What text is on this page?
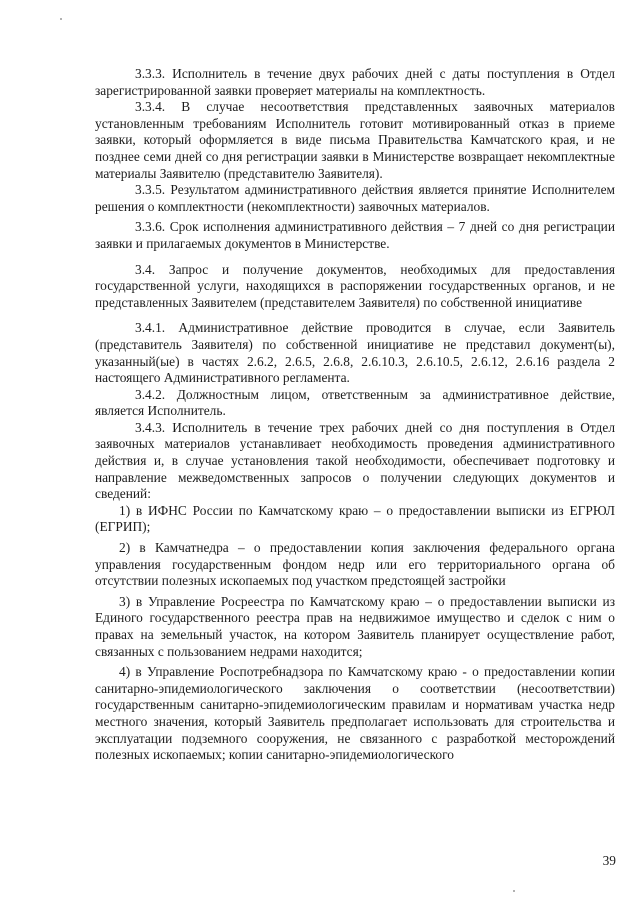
3.3.3. Исполнитель в течение двух рабочих дней с даты поступления в Отдел зарегистрированной заявки проверяет материалы на комплектность.

3.3.4. В случае несоответствия представленных заявочных материалов установленным требованиям Исполнитель готовит мотивированный отказ в приеме заявки, который оформляется в виде письма Правительства Камчатского края, и не позднее семи дней со дня регистрации заявки в Министерстве возвращает некомплектные материалы Заявителю (представителю Заявителя).

3.3.5. Результатом административного действия является принятие Исполнителем решения о комплектности (некомплектности) заявочных материалов.

3.3.6. Срок исполнения административного действия – 7 дней со дня регистрации заявки и прилагаемых документов в Министерстве.

3.4. Запрос и получение документов, необходимых для предоставления государственной услуги, находящихся в распоряжении государственных органов, и не представленных Заявителем (представителем Заявителя) по собственной инициативе

3.4.1. Административное действие проводится в случае, если Заявитель (представитель Заявителя) по собственной инициативе не представил документ(ы), указанный(ые) в частях 2.6.2, 2.6.5, 2.6.8, 2.6.10.3, 2.6.10.5, 2.6.12, 2.6.16 раздела 2 настоящего Административного регламента.

3.4.2. Должностным лицом, ответственным за административное действие, является Исполнитель.

3.4.3. Исполнитель в течение трех рабочих дней со дня поступления в Отдел заявочных материалов устанавливает необходимость проведения административного действия и, в случае установления такой необходимости, обеспечивает подготовку и направление межведомственных запросов о получении следующих документов и сведений:

1) в ИФНС России по Камчатскому краю – о предоставлении выписки из ЕГРЮЛ (ЕГРИП);

2) в Камчатнедра – о предоставлении копия заключения федерального органа управления государственным фондом недр или его территориального органа об отсутствии полезных ископаемых под участком предстоящей застройки

3) в Управление Росреестра по Камчатскому краю – о предоставлении выписки из Единого государственного реестра прав на недвижимое имущество и сделок с ним о правах на земельный участок, на котором Заявитель планирует осуществление работ, связанных с пользованием недрами находится;

4) в Управление Роспотребнадзора по Камчатскому краю - о предоставлении копии санитарно-эпидемиологического заключения о соответствии (несоответствии) государственным санитарно-эпидемиологическим правилам и нормативам участка недр местного значения, который Заявитель предполагает использовать для строительства и эксплуатации подземного сооружения, не связанного с разработкой месторождений полезных ископаемых; копии санитарно-эпидемиологического

39
